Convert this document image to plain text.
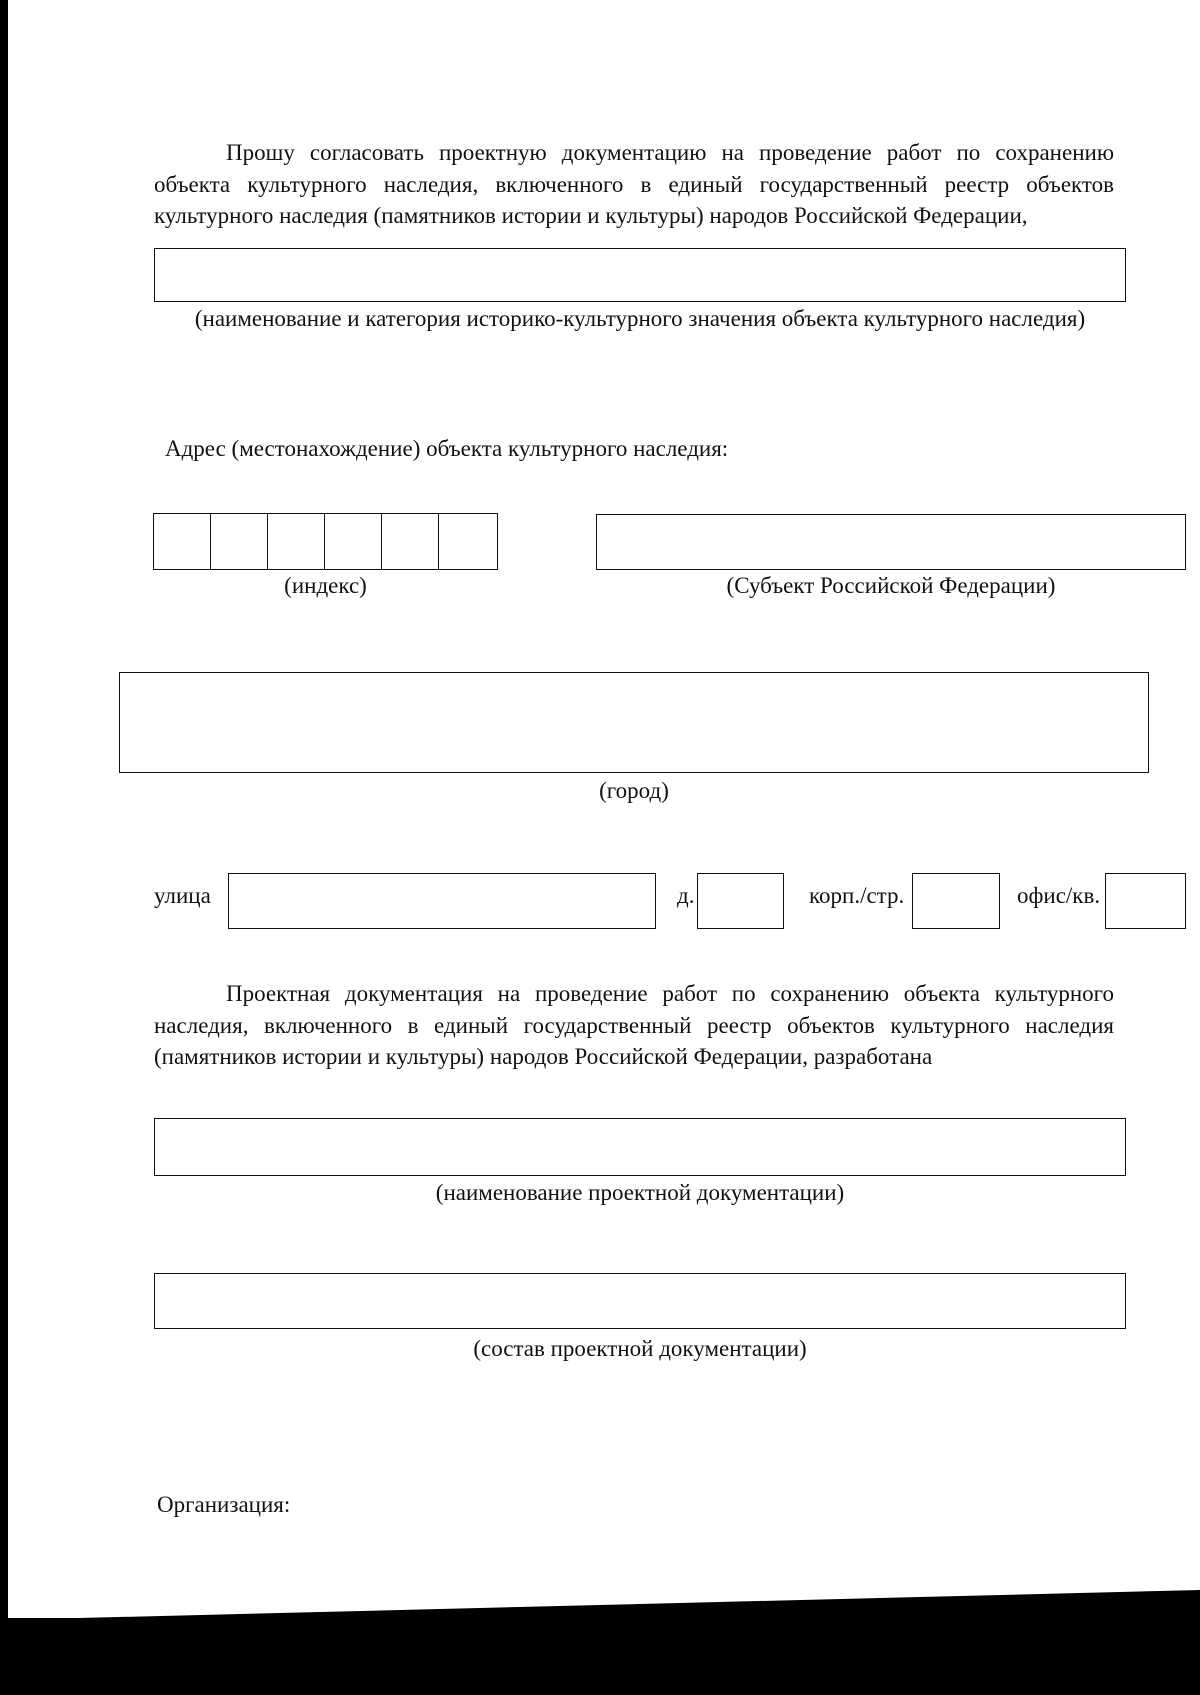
Прошу согласовать проектную документацию на проведение работ по сохранению объекта культурного наследия, включенного в единый государственный реестр объектов культурного наследия (памятников истории и культуры) народов Российской Федерации,

(наименование и категория историко-культурного значения объекта культурного наследия)
Адрес (местонахождение) объекта культурного наследия:
(индекс)	(Субъект Российской Федерации)
(город)
улица	д.	корп./стр.	офис/кв.

Проектная документация на проведение работ по сохранению объекта культурного наследия, включенного в единый государственный реестр объектов культурного наследия (памятников истории и культуры) народов Российской Федерации, разработана

(наименование проектной документации)
(состав проектной документации)
Организация:
